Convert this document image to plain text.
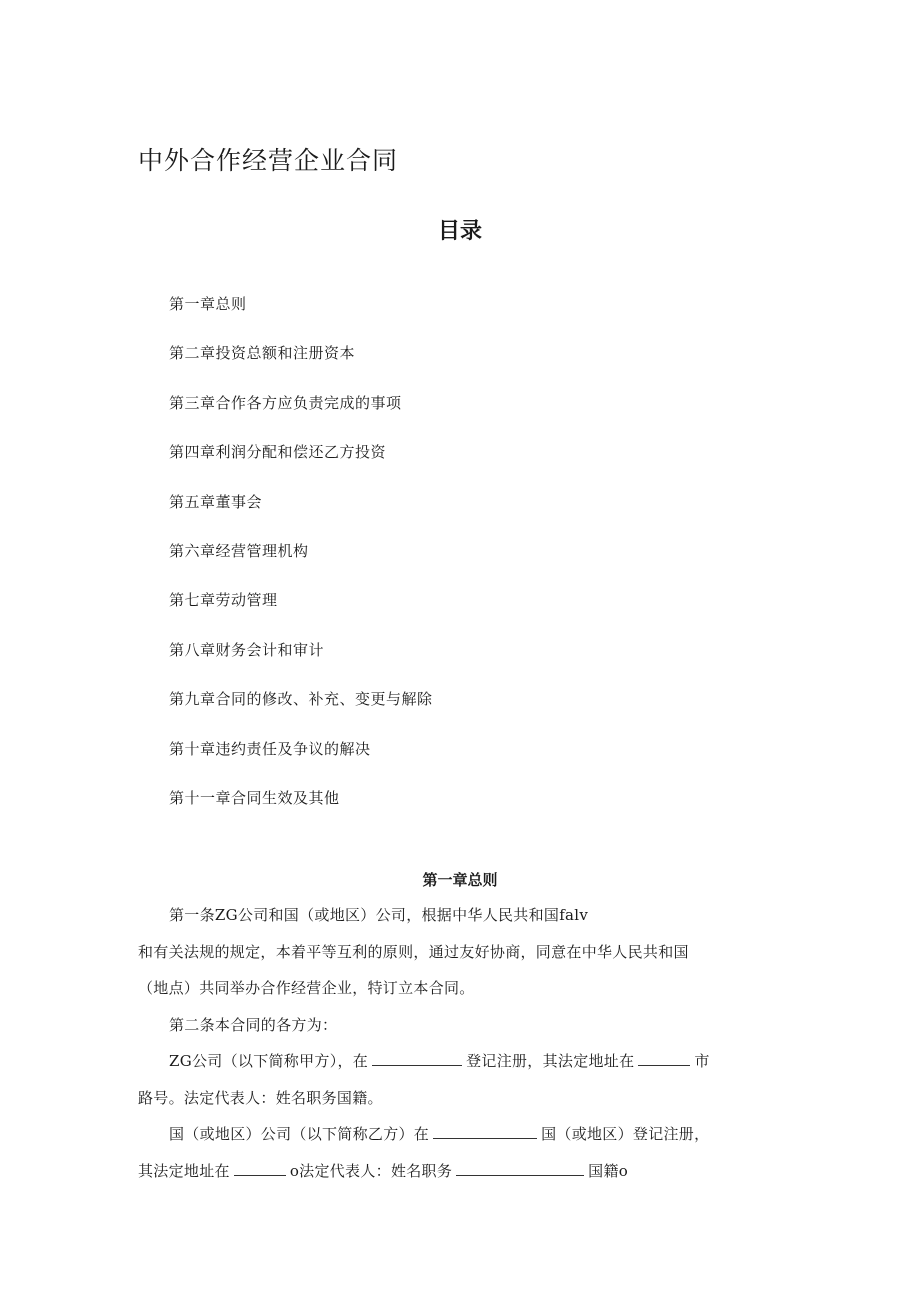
中外合作经营企业合同
目录
第一章总则
第二章投资总额和注册资本
第三章合作各方应负责完成的事项
第四章利润分配和偿还乙方投资
第五章董事会
第六章经营管理机构
第七章劳动管理
第八章财务会计和审计
第九章合同的修改、补充、变更与解除
第十章违约责任及争议的解决
第十一章合同生效及其他
第一章总则
第一条ZG公司和国（或地区）公司，根据中华人民共和国falv
和有关法规的规定，本着平等互利的原则，通过友好协商，同意在中华人民共和国
（地点）共同举办合作经营企业，特订立本合同。
第二条本合同的各方为：
ZG公司（以下简称甲方），在	登记注册，其法定地址在	市
路号。法定代表人：姓名职务国籍。
国（或地区）公司（以下简称乙方）在	国（或地区）登记注册，
其法定地址在	o法定代表人：姓名职务	国籍o
